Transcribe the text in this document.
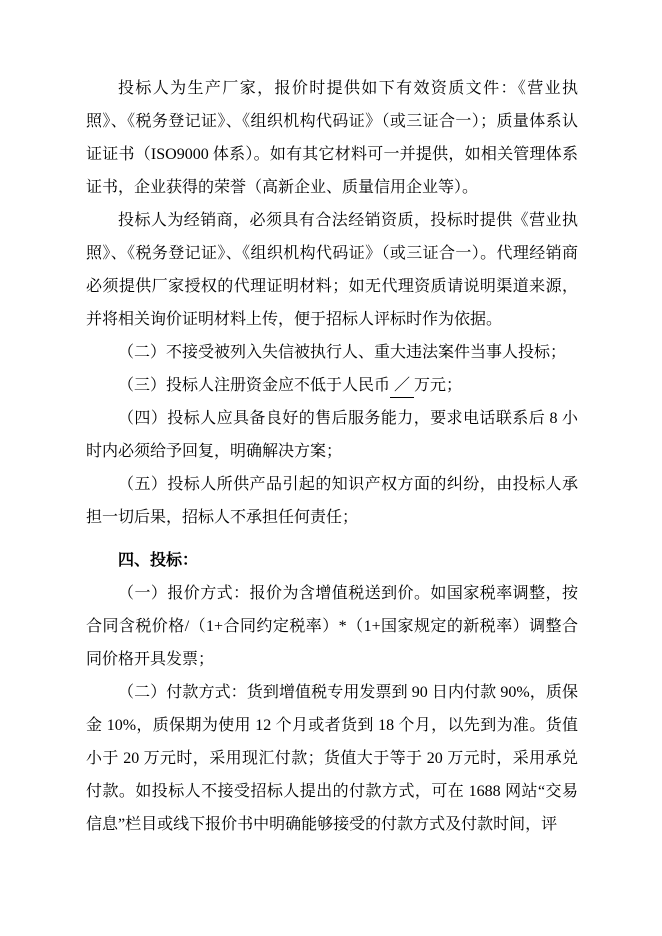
投标人为生产厂家，报价时提供如下有效资质文件：《营业执照》、《税务登记证》、《组织机构代码证》（或三证合一）；质量体系认证证书（ISO9000 体系）。如有其它材料可一并提供，如相关管理体系证书，企业获得的荣誉（高新企业、质量信用企业等）。

投标人为经销商，必须具有合法经销资质，投标时提供《营业执照》、《税务登记证》、《组织机构代码证》（或三证合一）。代理经销商必须提供厂家授权的代理证明材料；如无代理资质请说明渠道来源，并将相关询价证明材料上传，便于招标人评标时作为依据。

（二）不接受被列入失信被执行人、重大违法案件当事人投标；

（三）投标人注册资金应不低于人民币／万元；

（四）投标人应具备良好的售后服务能力，要求电话联系后 8 小时内必须给予回复，明确解决方案；

（五）投标人所供产品引起的知识产权方面的纠纷，由投标人承担一切后果，招标人不承担任何责任；

四、投标：

（一）报价方式：报价为含增值税送到价。如国家税率调整，按合同含税价格/（1+合同约定税率）*（1+国家规定的新税率）调整合同价格开具发票；

（二）付款方式：货到增值税专用发票到 90 日内付款 90%，质保金 10%，质保期为使用 12 个月或者货到 18 个月，以先到为准。货值小于 20 万元时，采用现汇付款；货值大于等于 20 万元时，采用承兑付款。如投标人不接受招标人提出的付款方式，可在 1688 网站“交易信息”栏目或线下报价书中明确能够接受的付款方式及付款时间，评
